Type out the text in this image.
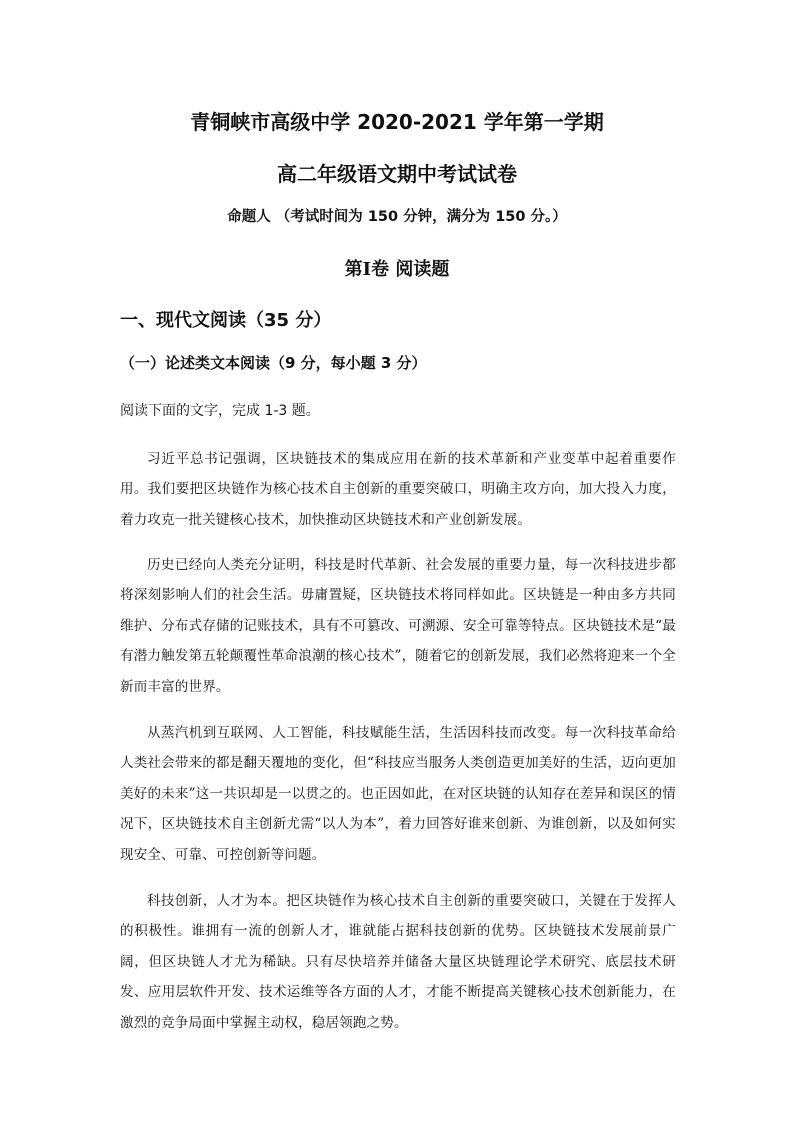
青铜峡市高级中学 2020-2021 学年第一学期
高二年级语文期中考试试卷
命题人 （考试时间为 150 分钟，满分为 150 分。）
第Ⅰ卷 阅读题
一、现代文阅读（35 分）
（一）论述类文本阅读（9 分，每小题 3 分）
阅读下面的文字，完成 1-3 题。

习近平总书记强调，区块链技术的集成应用在新的技术革新和产业变革中起着重要作用。我们要把区块链作为核心技术自主创新的重要突破口，明确主攻方向，加大投入力度，着力攻克一批关键核心技术，加快推动区块链技术和产业创新发展。

历史已经向人类充分证明，科技是时代革新、社会发展的重要力量，每一次科技进步都将深刻影响人们的社会生活。毋庸置疑，区块链技术将同样如此。区块链是一种由多方共同维护、分布式存储的记账技术，具有不可篡改、可溯源、安全可靠等特点。区块链技术是“最有潜力触发第五轮颠覆性革命浪潮的核心技术”，随着它的创新发展，我们必然将迎来一个全新而丰富的世界。

从蒸汽机到互联网、人工智能，科技赋能生活，生活因科技而改变。每一次科技革命给人类社会带来的都是翻天覆地的变化，但“科技应当服务人类创造更加美好的生活，迈向更加美好的未来”这一共识却是一以贯之的。也正因如此，在对区块链的认知存在差异和误区的情况下，区块链技术自主创新尤需“以人为本”，着力回答好谁来创新、为谁创新，以及如何实现安全、可靠、可控创新等问题。

科技创新，人才为本。把区块链作为核心技术自主创新的重要突破口，关键在于发挥人的积极性。谁拥有一流的创新人才，谁就能占据科技创新的优势。区块链技术发展前景广阔，但区块链人才尤为稀缺。只有尽快培养并储备大量区块链理论学术研究、底层技术研发、应用层软件开发、技术运维等各方面的人才，才能不断提高关键核心技术创新能力，在激烈的竞争局面中掌握主动权，稳居领跑之势。
